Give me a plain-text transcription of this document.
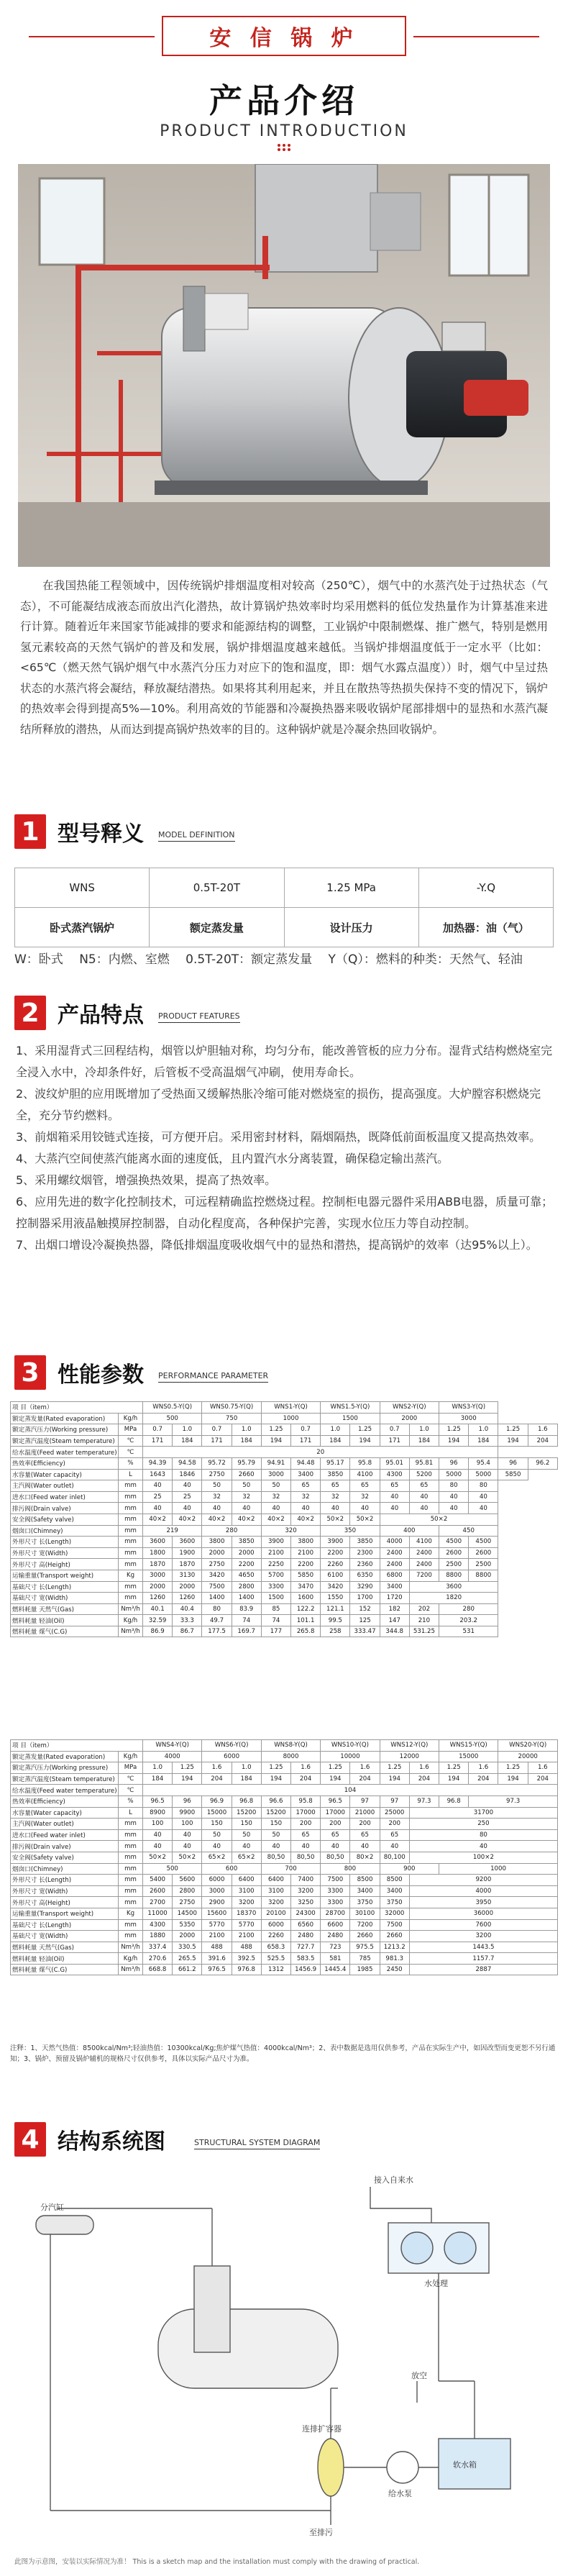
安 信 锅 炉
产品介绍
PRODUCT INTRODUCTION
在我国热能工程领域中，因传统锅炉排烟温度相对较高（250℃），烟气中的水蒸汽处于过热状态（气态），不可能凝结成液态而放出汽化潜热，故计算锅炉热效率时均采用燃料的低位发热量作为计算基准来进行计算。随着近年来国家节能减排的要求和能源结构的调整，工业锅炉中限制燃煤、推广燃气，特别是燃用氢元素较高的天然气锅炉的普及和发展，锅炉排烟温度越来越低。当锅炉排烟温度低于一定水平（比如：<65℃（燃天然气锅炉烟气中水蒸汽分压力对应下的饱和温度，即：烟气水露点温度））时，烟气中呈过热状态的水蒸汽将会凝结，释放凝结潜热。如果将其利用起来，并且在散热等热损失保持不变的情况下，锅炉的热效率会得到提高5%—10%。利用高效的节能器和冷凝换热器来吸收锅炉尾部排烟中的显热和水蒸汽凝结所释放的潜热，从而达到提高锅炉热效率的目的。这种锅炉就是冷凝余热回收锅炉。
1 型号释义 MODEL DEFINITION
WNS	0.5T-20T	1.25 MPa	-Y.Q
卧式蒸汽锅炉	额定蒸发量	设计压力	加热器：油（气）
W：卧式　 N5：内燃、室燃　 0.5T-20T：额定蒸发量　 Y（Q）：燃料的种类：天然气、轻油
2 产品特点 PRODUCT FEATURES

1、采用湿背式三回程结构，烟管以炉胆轴对称，均匀分布，能改善管板的应力分布。湿背式结构燃烧室完全浸入水中，冷却条件好，后管板不受高温烟气冲刷，使用寿命长。

2、波纹炉胆的应用既增加了受热面又缓解热胀冷缩可能对燃烧室的损伤，提高强度。大炉膛容积燃烧完全，充分节约燃料。

3、前烟箱采用铰链式连接，可方便开启。采用密封材料，隔烟隔热，既降低前面板温度又提高热效率。

4、大蒸汽空间使蒸汽能离水面的速度低，且内置汽水分离装置，确保稳定输出蒸汽。

5、采用螺纹烟管，增强换热效果，提高了热效率。

6、应用先进的数字化控制技术，可远程精确监控燃烧过程。控制柜电器元器件采用ABB电器，质量可靠；控制器采用液晶触摸屏控制器，自动化程度高，各种保护完善，实现水位压力等自动控制。

7、出烟口增设冷凝换热器，降低排烟温度吸收烟气中的显热和潜热，提高锅炉的效率（达95%以上）。

3 性能参数 PERFORMANCE PARAMETER
项 目（item）		WNS0.5-Y(Q)		WNS0.75-Y(Q)		WNS1-Y(Q)		WNS1.5-Y(Q)		WNS2-Y(Q)		WNS3-Y(Q)			
额定蒸发量(Rated evaporation)	Kg/h	500		750		1000		1500		2000		3000			
额定蒸汽压力(Working pressure)	MPa	0.7	1.0	0.7	1.0	1.25	0.7	1.0	1.25	0.7	1.0	1.25	1.0	1.25	1.6
额定蒸汽温度(Steam temperature)	℃	171	184	171	184	194	171	184	194	171	184	194	184	194	204
给水温度(Feed water temperature)	℃	20													
热效率(Efficiency)	%	94.39	94.58	95.72	95.79	94.91	94.48	95.17	95.8	95.01	95.81	96	95.4	96	96.2
水容量(Water capacity)	L	1643	1846	2750	2660	3000	3400	3850	4100	4300	5200	5000	5000	5850	
主汽阀(Water outlet)	mm	40	40	50	50	50	65	65	65	65	65	80	80		
进水口(Feed water inlet)	mm	25	25	32	32	32	32	32	32	40	40	40	40		
排污阀(Drain valve)	mm	40	40	40	40	40	40	40	40	40	40	40	40		
安全阀(Safety valve)	mm	40×2	40×2	40×2	40×2	40×2	40×2	50×2	50×2	50×2					
烟囱口(Chimney)	mm	219		280		320		350		400		450			
外形尺寸 长(Length)	mm	3600	3600	3800	3850	3900	3800	3900	3850	4000	4100	4500	4500		
外形尺寸 宽(Width)	mm	1800	1900	2000	2000	2100	2100	2200	2300	2400	2400	2600	2600		
外形尺寸 高(Height)	mm	1870	1870	2750	2200	2250	2200	2260	2360	2400	2400	2500	2500		
运输重量(Transport weight)	Kg	3000	3130	3420	4650	5700	5850	6100	6350	6800	7200	8800	8800		
基础尺寸 长(Length)	mm	2000	2000	7500	2800	3300	3470	3420	3290	3400	3600				
基础尺寸 宽(Width)	mm	1260	1260	1400	1400	1500	1600	1550	1700	1720	1820				
燃料耗量 天然气(Gas)	Nm³/h	40.1	40.4	80	83.9	85	122.2	121.1	152	182	202	280			
燃料耗量 轻油(Oil)	Kg/h	32.59	33.3	49.7	74	74	101.1	99.5	125	147	210	203.2			
燃料耗量 煤气(C.G)	Nm³/h	86.9	86.7	177.5	169.7	177	265.8	258	333.47	344.8	531.25	531			
项 目（item）		WNS4-Y(Q)		WNS6-Y(Q)		WNS8-Y(Q)		WNS10-Y(Q)		WNS12-Y(Q)		WNS15-Y(Q)		WNS20-Y(Q)	
额定蒸发量(Rated evaporation)	Kg/h	4000		6000		8000		10000		12000		15000		20000	
额定蒸汽压力(Working pressure)	MPa	1.0	1.25	1.6	1.0	1.25	1.6	1.25	1.6	1.25	1.6	1.25	1.6	1.25	1.6
额定蒸汽温度(Steam temperature)	℃	184	194	204	184	194	204	194	204	194	204	194	204	194	204
给水温度(Feed water temperature)	℃	104													
热效率(Efficiency)	%	96.5	96	96.9	96.8	96.6	95.8	96.5	97	97	97.3	96.8	97.3		
水容量(Water capacity)	L	8900	9900	15000	15200	15200	17000	17000	21000	25000	31700				
主汽阀(Water outlet)	mm	100	100	150	150	150	200	200	200	200	250				
进水口(Feed water inlet)	mm	40	40	50	50	50	65	65	65	65	80				
排污阀(Drain valve)	mm	40	40	40	40	40	40	40	40	40	40				
安全阀(Safety valve)	mm	50×2	50×2	65×2	65×2	80,50	80,50	80,50	80×2	80,100	100×2				
烟囱口(Chimney)	mm	500		600		700		800		900		1000			
外形尺寸 长(Length)	mm	5400	5600	6000	6400	6400	7400	7500	8500	8500	9200				
外形尺寸 宽(Width)	mm	2600	2800	3000	3100	3100	3200	3300	3400	3400	4000				
外形尺寸 高(Height)	mm	2700	2750	2900	3200	3200	3250	3300	3750	3750	3950				
运输重量(Transport weight)	Kg	11000	14500	15600	18370	20100	24300	28700	30100	32000	36000				
基础尺寸 长(Length)	mm	4300	5350	5770	5770	6000	6560	6600	7200	7500	7600				
基础尺寸 宽(Width)	mm	1880	2000	2100	2100	2260	2480	2480	2660	2660	3200				
燃料耗量 天然气(Gas)	Nm³/h	337.4	330.5	488	488	658.3	727.7	723	975.5	1213.2	1443.5				
燃料耗量 轻油(Oil)	Kg/h	270.6	265.5	391.6	392.5	525.5	583.5	581	785	981.3	1157.7				
燃料耗量 煤气(C.G)	Nm³/h	668.8	661.2	976.5	976.8	1312	1456.9	1445.4	1985	2450	2887				
注释：1、天然气热值：8500kcal/Nm³;轻油热值：10300kcal/Kg;焦炉煤气热值：4000kcal/Nm³；2、表中数据是选用仅供参考，产品在实际生产中，如因改型而变更恕不另行通知；3、锅炉、预留及锅炉辅机的规格尺寸仅供参考，具体以实际产品尺寸为准。
4 结构系统图	STRUCTURAL SYSTEM DIAGRAM
接入自来水
水处理
分汽缸
放空
连排扩容器
给水泵
软水箱
至排污
此图为示意图，安装以实际情况为准！ This is a sketch map and the installation must comply with the drawing of practical.
